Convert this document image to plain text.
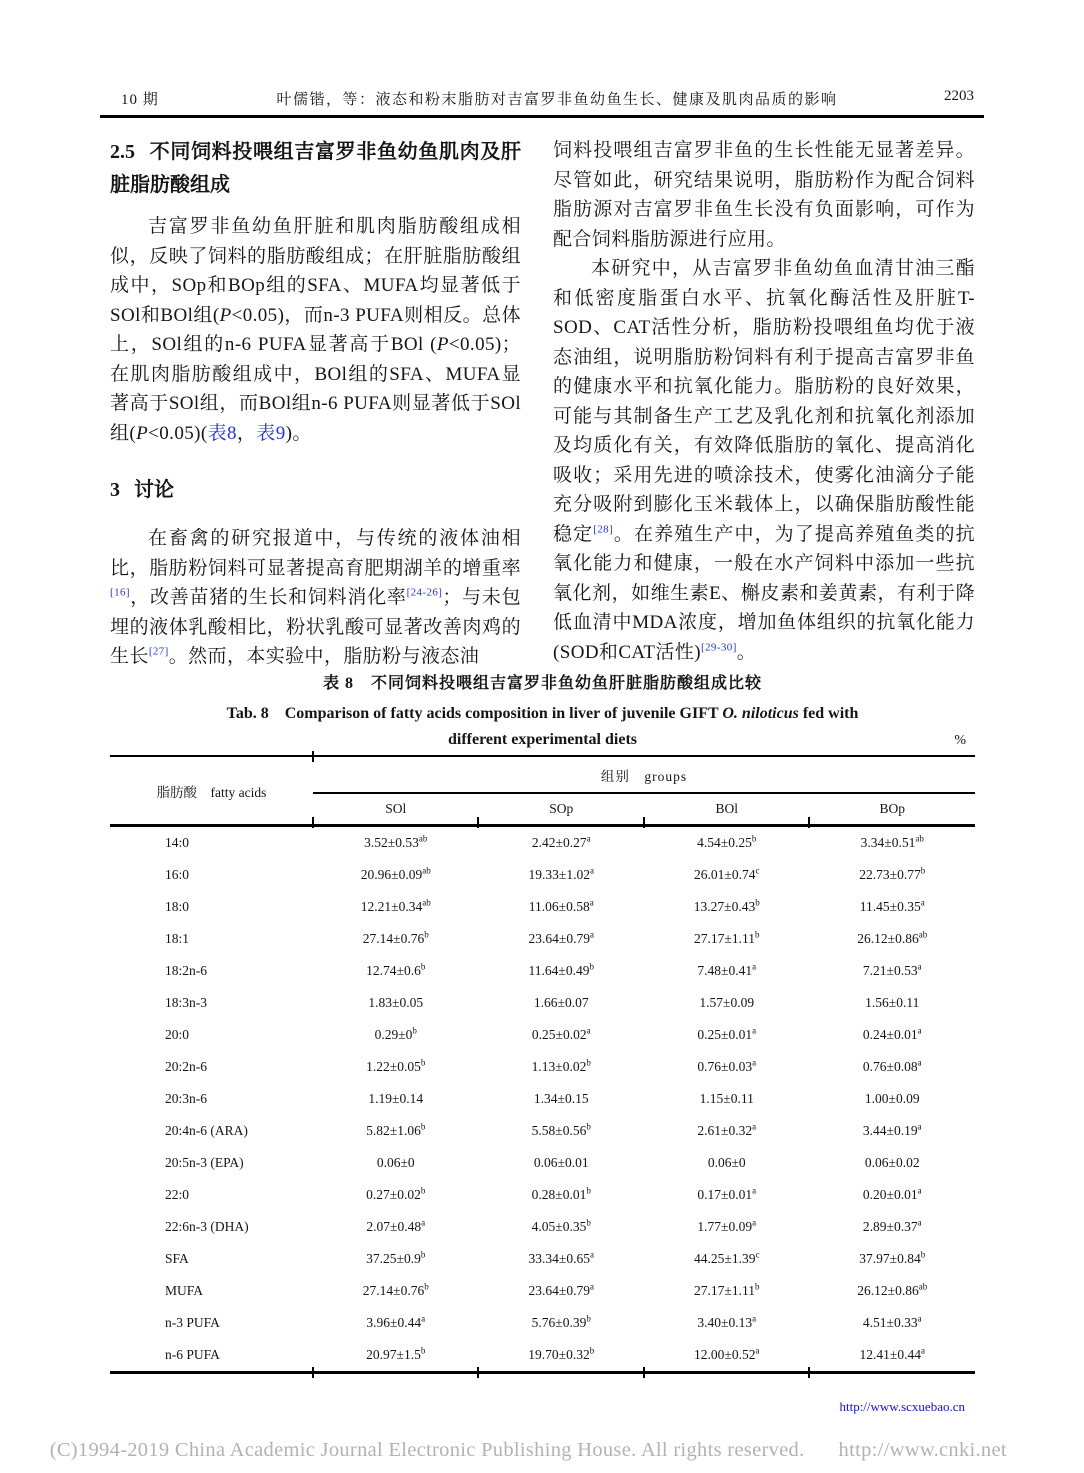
10 期	叶儒锴，等：液态和粉末脂肪对吉富罗非鱼幼鱼生长、健康及肌肉品质的影响	2203
2.5 不同饲料投喂组吉富罗非鱼幼鱼肌肉及肝脏脂肪酸组成

吉富罗非鱼幼鱼肝脏和肌肉脂肪酸组成相似，反映了饲料的脂肪酸组成；在肝脏脂肪酸组成中，SOp和BOp组的SFA、MUFA均显著低于SOl和BOl组(P<0.05)，而n-3 PUFA则相反。总体上，SOl组的n-6 PUFA显著高于BOl (P<0.05)；在肌肉脂肪酸组成中，BOl组的SFA、MUFA显著高于SOl组，而BOl组n-6 PUFA则显著低于SOl组(P<0.05)(表8，表9)。

3 讨论

在畜禽的研究报道中，与传统的液体油相比，脂肪粉饲料可显著提高育肥期湖羊的增重率[16]，改善苗猪的生长和饲料消化率[24-26]；与未包埋的液体乳酸相比，粉状乳酸可显著改善肉鸡的生长[27]。然而，本实验中，脂肪粉与液态油

饲料投喂组吉富罗非鱼的生长性能无显著差异。尽管如此，研究结果说明，脂肪粉作为配合饲料脂肪源对吉富罗非鱼生长没有负面影响，可作为配合饲料脂肪源进行应用。

本研究中，从吉富罗非鱼幼鱼血清甘油三酯和低密度脂蛋白水平、抗氧化酶活性及肝脏T-SOD、CAT活性分析，脂肪粉投喂组鱼均优于液态油组，说明脂肪粉饲料有利于提高吉富罗非鱼的健康水平和抗氧化能力。脂肪粉的良好效果，可能与其制备生产工艺及乳化剂和抗氧化剂添加及均质化有关，有效降低脂肪的氧化、提高消化吸收；采用先进的喷涂技术，使雾化油滴分子能充分吸附到膨化玉米载体上，以确保脂肪酸性能稳定[28]。在养殖生产中，为了提高养殖鱼类的抗氧化能力和健康，一般在水产饲料中添加一些抗氧化剂，如维生素E、槲皮素和姜黄素，有利于降低血清中MDA浓度，增加鱼体组织的抗氧化能力(SOD和CAT活性)[29-30]。

表 8　不同饲料投喂组吉富罗非鱼幼鱼肝脏脂肪酸组成比较
Tab. 8　Comparison of fatty acids composition in liver of juvenile GIFT O. niloticus fed with
different experimental diets	%
脂肪酸　fatty acids	组别　groups			
	SOl	SOp	BOl	BOp
14:0	3.52±0.53$^{ab}$	2.42±0.27$^a$	4.54±0.25$^b$	3.34±0.51$^{ab}$
16:0	20.96±0.09$^{ab}$	19.33±1.02$^a$	26.01±0.74$^c$	22.73±0.77$^b$
18:0	12.21±0.34$^{ab}$	11.06±0.58$^a$	13.27±0.43$^b$	11.45±0.35$^a$
18:1	27.14±0.76$^b$	23.64±0.79$^a$	27.17±1.11$^b$	26.12±0.86$^{ab}$
18:2n-6	12.74±0.6$^b$	11.64±0.49$^b$	7.48±0.41$^a$	7.21±0.53$^a$
18:3n-3	1.83±0.05	1.66±0.07	1.57±0.09	1.56±0.11
20:0	$0.29\pm 0^b$	0.25±0.02$^a$	0.25±0.01$^a$	0.24±0.01$^a$
20:2n-6	1.22±0.05$^b$	1.13±0.02$^b$	0.76±0.03$^a$	0.76±0.08$^a$
20:3n-6	1.19±0.14	1.34±0.15	1.15±0.11	1.00±0.09
20:4n-6 (ARA)	5.82±1.06$^b$	5.58±0.56$^b$	2.61±0.32$^a$	3.44±0.19$^a$
20:5n-3 (EPA)	0.06±0	0.06±0.01	0.06±0	0.06±0.02
22:0	0.27±0.02$^b$	0.28±0.01$^b$	0.17±0.01$^a$	0.20±0.01$^a$
22:6n-3 (DHA)	2.07±0.48$^a$	4.05±0.35$^b$	1.77±0.09$^a$	2.89±0.37$^a$
SFA	37.25±0.9$^b$	33.34±0.65$^a$	44.25±1.39$^c$	37.97±0.84$^b$
MUFA	27.14±0.76$^b$	23.64±0.79$^a$	27.17±1.11$^b$	26.12±0.86$^{ab}$
n-3 PUFA	3.96±0.44$^a$	5.76±0.39$^b$	3.40±0.13$^a$	4.51±0.33$^a$
n-6 PUFA	20.97±1.5$^b$	19.70±0.32$^b$	12.00±0.52$^a$	12.41±0.44$^a$
http://www.scxuebao.cn

(C)1994-2019 China Academic Journal Electronic Publishing House. All rights reserved. http://www.cnki.net
